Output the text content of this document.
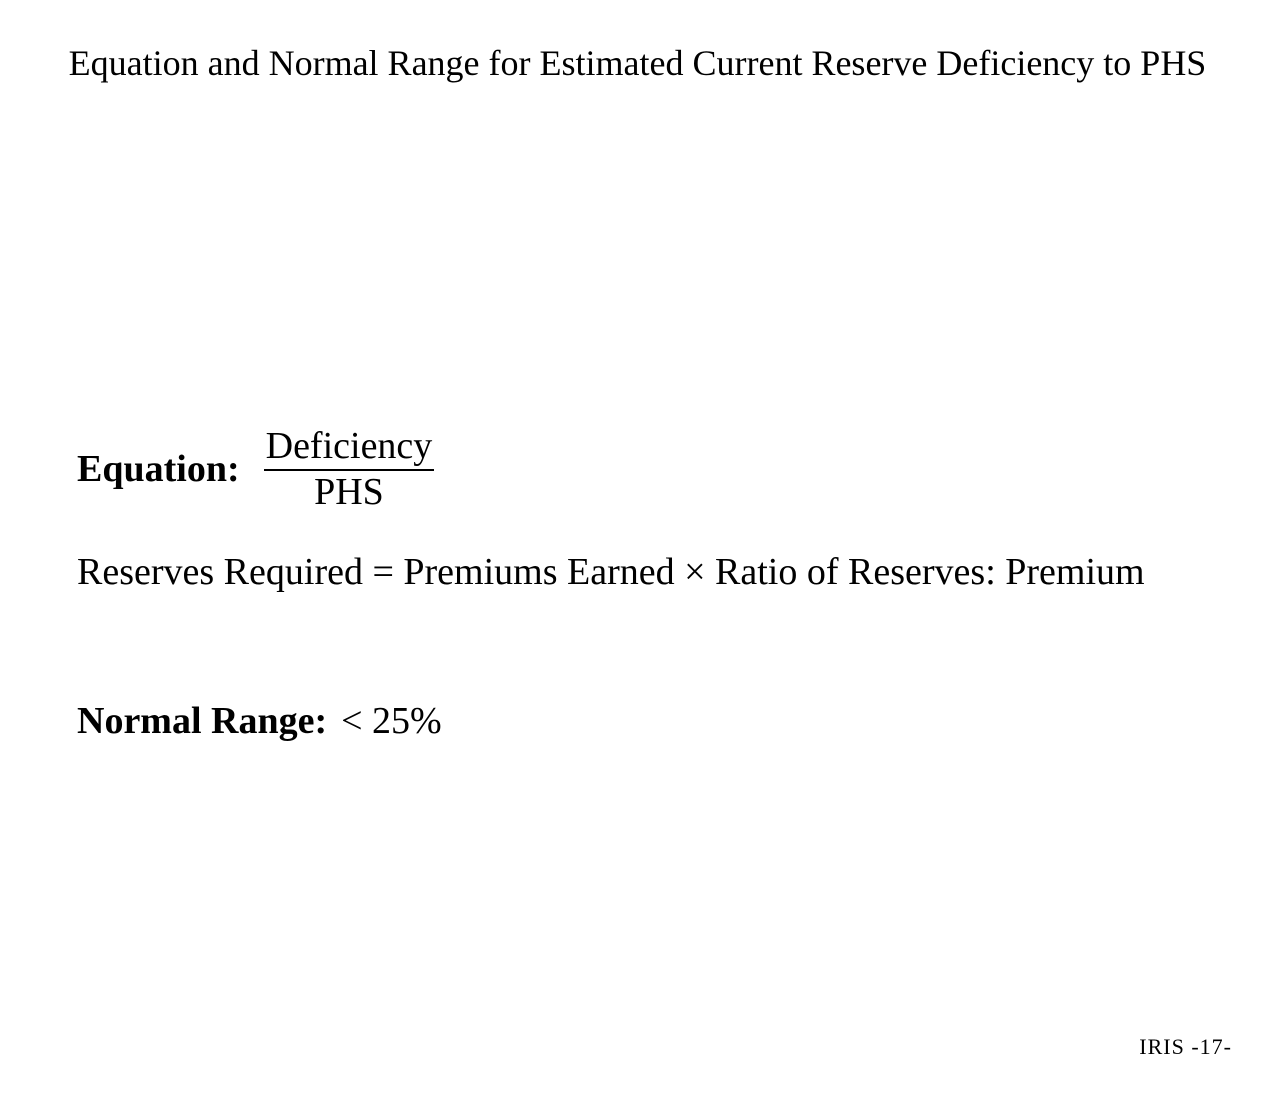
Equation and Normal Range for Estimated Current Reserve Deficiency to PHS
Equation: $\frac{\text{Deficiency}}{\text{PHS}}$
Reserves Required = Premiums Earned × Ratio of Reserves: Premium
Normal Range: < 25%
IRIS -17-
